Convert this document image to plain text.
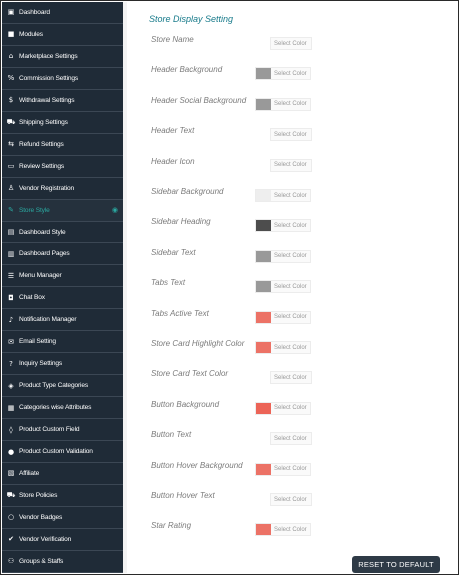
▣ Dashboard
■ Modules
⌂ Marketplace Settings
% Commission Settings
$ Withdrawal Settings
⛟ Shipping Settings
⇆ Refund Settings
▭ Review Settings
♙ Vendor Registration
✎ Store Style	◉
▤ Dashboard Style
▥ Dashboard Pages
☰ Menu Manager
◘ Chat Box
♪ Notification Manager
✉ Email Setting
? Inquiry Settings
◈ Product Type Categories
▦ Categories wise Attributes
◊ Product Custom Field
● Product Custom Validation
▧ Affiliate
⛟ Store Policies
○ Vendor Badges
✔ Vendor Verification
⚇ Groups & Staffs
Store Display Setting
RESET TO DEFAULT
Store Name	Select Color
Header Background	Select Color
Header Social Background	Select Color
Header Text	Select Color
Header Icon	Select Color
Sidebar Background	Select Color
Sidebar Heading	Select Color
Sidebar Text	Select Color
Tabs Text	Select Color
Tabs Active Text	Select Color
Store Card Highlight Color	Select Color
Store Card Text Color	Select Color
Button Background	Select Color
Button Text	Select Color
Button Hover Background	Select Color
Button Hover Text	Select Color
Star Rating	Select Color
